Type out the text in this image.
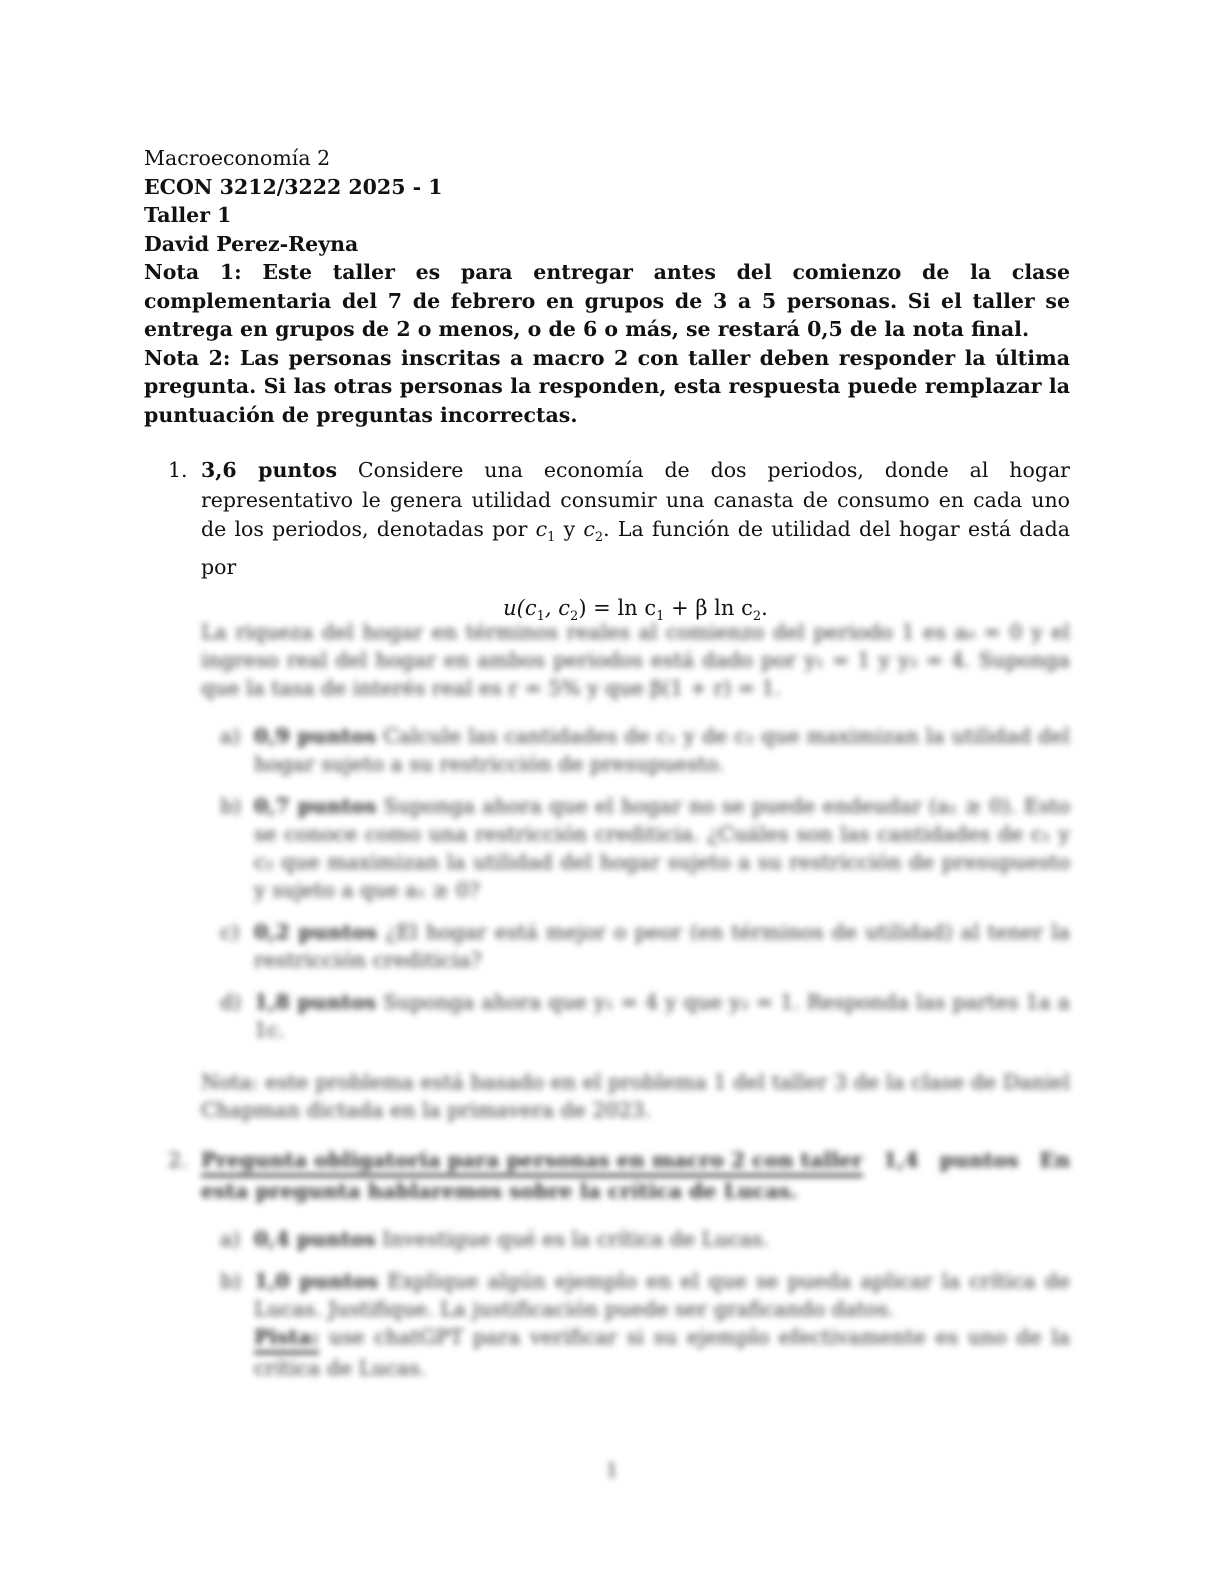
Macroeconomía 2

ECON 3212/3222 2025 - 1

Taller 1

David Perez-Reyna

Nota 1: Este taller es para entregar antes del comienzo de la clase complementaria del 7 de febrero en grupos de 3 a 5 personas. Si el taller se entrega en grupos de 2 o menos, o de 6 o más, se restará 0,5 de la nota final.

Nota 2: Las personas inscritas a macro 2 con taller deben responder la última pregunta. Si las otras personas la responden, esta respuesta puede remplazar la puntuación de preguntas incorrectas.

1. 3,6 puntos Considere una economía de dos periodos, donde al hogar representativo le genera utilidad consumir una canasta de consumo en cada uno de los periodos, denotadas por $c_1$ y $c_2$. La función de utilidad del hogar está dada por
$u(c_1$, $c_2) = \ln c_1 + \beta$ $\ln c_2$.
La riqueza del hogar en términos reales al comienzo del periodo 1 es a₀ = 0 y el ingreso real del hogar en ambos periodos está dado por y₁ = 1 y y₂ = 4. Suponga que la tasa de interés real es r = 5% y que β(1 + r) = 1.
a) 0,9 puntos Calcule las cantidades de c₁ y de c₂ que maximizan la utilidad del hogar sujeto a su restricción de presupuesto.
b) 0,7 puntos Suponga ahora que el hogar no se puede endeudar (a₁ ≥ 0). Esto se conoce como una restricción crediticia. ¿Cuáles son las cantidades de c₁ y c₂ que maximizan la utilidad del hogar sujeto a su restricción de presupuesto y sujeto a que a₁ ≥ 0?
c) 0,2 puntos ¿El hogar está mejor o peor (en términos de utilidad) al tener la restricción crediticia?
d) 1,8 puntos Suponga ahora que y₁ = 4 y que y₂ = 1. Responda las partes 1a a 1c.
Nota: este problema está basado en el problema 1 del taller 3 de la clase de Daniel Chapman dictada en la primavera de 2023.
2. Pregunta obligatoria para personas en macro 2 con taller 1,4 puntos En esta pregunta hablaremos sobre la crítica de Lucas.
a) 0,4 puntos Investigue qué es la crítica de Lucas.
b) 1,0 puntos Explique algún ejemplo en el que se pueda aplicar la crítica de Lucas. Justifique. La justificación puede ser graficando datos.
Pista: use chatGPT para verificar si su ejemplo efectivamente es uno de la crítica de Lucas.
1
